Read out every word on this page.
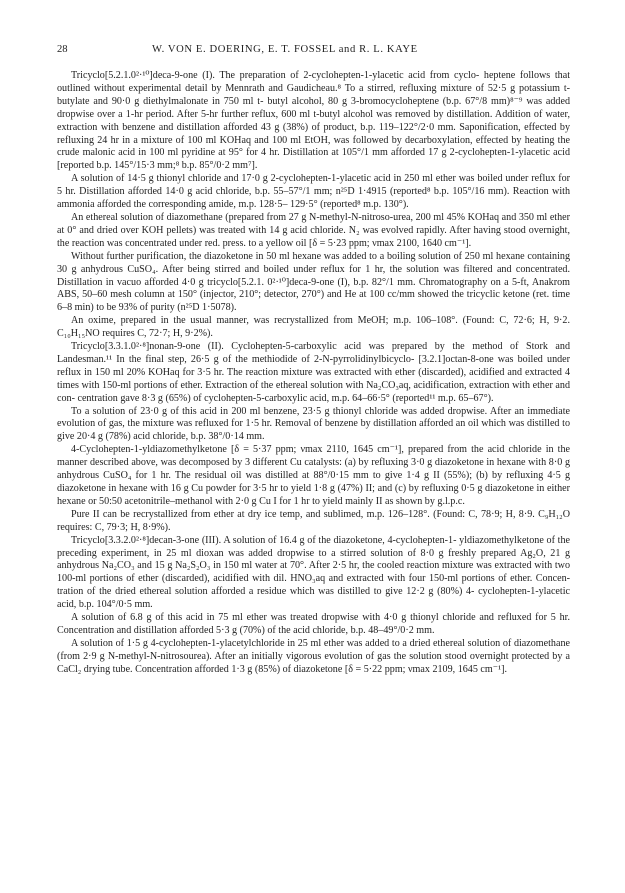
28	W. VON E. DOERING, E. T. FOSSEL and R. L. KAYE

Tricyclo[5.2.1.0²·¹⁰]deca-9-one (I). The preparation of 2-cyclohepten-1-ylacetic acid from cyclo- heptene follows that outlined without experimental detail by Mennrath and Gaudicheau.⁸ To a stirred, refluxing mixture of 52·5 g potassium t-butylate and 90·0 g diethylmalonate in 750 ml t- butyl alcohol, 80 g 3-bromocycloheptene (b.p. 67°/8 mm)⁸⁻⁹ was added dropwise over a 1-hr period. After 5-hr further reflux, 600 ml t-butyl alcohol was removed by distillation. Addition of water, extraction with benzene and distillation afforded 43 g (38%) of product, b.p. 119–122°/2·0 mm. Saponification, effected by refluxing 24 hr in a mixture of 100 ml KOHaq and 100 ml EtOH, was followed by decarboxylation, effected by heating the crude malonic acid in 100 ml pyridine at 95° for 4 hr. Distillation at 105°/1 mm afforded 17 g 2-cyclohepten-1-ylacetic acid [reported b.p. 145°/15·3 mm;⁸ b.p. 85°/0·2 mm⁷].

A solution of 14·5 g thionyl chloride and 17·0 g 2-cyclohepten-1-ylacetic acid in 250 ml ether was boiled under reflux for 5 hr. Distillation afforded 14·0 g acid chloride, b.p. 55–57°/1 mm; n²⁵D 1·4915 (reported⁸ b.p. 105°/16 mm). Reaction with ammonia afforded the corresponding amide, m.p. 128·5– 129·5° (reported⁸ m.p. 130°).

An ethereal solution of diazomethane (prepared from 27 g N-methyl-N-nitroso-urea, 200 ml 45% KOHaq and 350 ml ether at 0° and dried over KOH pellets) was treated with 14 g acid chloride. N₂ was evolved rapidly. After having stood overnight, the reaction was concentrated under red. press. to a yellow oil [δ = 5·23 ppm; νmax 2100, 1640 cm⁻¹].

Without further purification, the diazoketone in 50 ml hexane was added to a boiling solution of 250 ml hexane containing 30 g anhydrous CuSO₄. After being stirred and boiled under reflux for 1 hr, the solution was filtered and concentrated. Distillation in vacuo afforded 4·0 g tricyclo[5.2.1. 0²·¹⁰]deca-9-one (I), b.p. 82°/1 mm. Chromatography on a 5-ft, Anakrom ABS, 50–60 mesh column at 150° (injector, 210°; detector, 270°) and He at 100 cc/mm showed the tricyclic ketone (ret. time 6–8 min) to be 93% of purity (n²⁵D 1·5078).

An oxime, prepared in the usual manner, was recrystallized from MeOH; m.p. 106–108°. (Found: C, 72·6; H, 9·2. C₁₀H₁₅NO requires C, 72·7; H, 9·2%).

Tricyclo[3.3.1.0²·⁸]nonan-9-one (II). Cyclohepten-5-carboxylic acid was prepared by the method of Stork and Landesman.¹¹ In the final step, 26·5 g of the methiodide of 2-N-pyrrolidinylbicyclo- [3.2.1]octan-8-one was boiled under reflux in 150 ml 20% KOHaq for 3·5 hr. The reaction mixture was extracted with ether (discarded), acidified and extracted 4 times with 150-ml portions of ether. Extraction of the ethereal solution with Na₂CO₃aq, acidification, extraction with ether and con- centration gave 8·3 g (65%) of cyclohepten-5-carboxylic acid, m.p. 64–66·5° (reported¹¹ m.p. 65–67°).

To a solution of 23·0 g of this acid in 200 ml benzene, 23·5 g thionyl chloride was added dropwise. After an immediate evolution of gas, the mixture was refluxed for 1·5 hr. Removal of benzene by distillation afforded an oil which was distilled to give 20·4 g (78%) acid chloride, b.p. 38°/0·14 mm.

4-Cyclohepten-1-yldiazomethylketone [δ = 5·37 ppm; νmax 2110, 1645 cm⁻¹], prepared from the acid chloride in the manner described above, was decomposed by 3 different Cu catalysts: (a) by refluxing 3·0 g diazoketone in hexane with 8·0 g anhydrous CuSO₄ for 1 hr. The residual oil was distilled at 88°/0·15 mm to give 1·4 g II (55%); (b) by refluxing 4·5 g diazoketone in hexane with 16 g Cu powder for 3·5 hr to yield 1·8 g (47%) II; and (c) by refluxing 0·5 g diazoketone in either hexane or 50:50 acetonitrile–methanol with 2·0 g Cu I for 1 hr to yield mainly II as shown by g.l.p.c.

Pure II can be recrystallized from ether at dry ice temp, and sublimed, m.p. 126–128°. (Found: C, 78·9; H, 8·9. C₉H₁₂O requires: C, 79·3; H, 8·9%).

Tricyclo[3.3.2.0²·⁸]decan-3-one (III). A solution of 16.4 g of the diazoketone, 4-cyclohepten-1- yldiazomethylketone of the preceding experiment, in 25 ml dioxan was added dropwise to a stirred solution of 8·0 g freshly prepared Ag₂O, 21 g anhydrous Na₂CO₃ and 15 g Na₂S₂O₃ in 150 ml water at 70°. After 2·5 hr, the cooled reaction mixture was extracted with two 100-ml portions of ether (discarded), acidified with dil. HNO₃aq and extracted with four 150-ml portions of ether. Concen- tration of the dried ethereal solution afforded a residue which was distilled to give 12·2 g (80%) 4- cyclohepten-1-ylacetic acid, b.p. 104°/0·5 mm.

A solution of 6.8 g of this acid in 75 ml ether was treated dropwise with 4·0 g thionyl chloride and refluxed for 5 hr. Concentration and distillation afforded 5·3 g (70%) of the acid chloride, b.p. 48–49°/0·2 mm.

A solution of 1·5 g 4-cyclohepten-1-ylacetylchloride in 25 ml ether was added to a dried ethereal solution of diazomethane (from 2·9 g N-methyl-N-nitrosourea). After an initially vigorous evolution of gas the solution stood overnight protected by a CaCl₂ drying tube. Concentration afforded 1·3 g (85%) of diazoketone [δ = 5·22 ppm; νmax 2109, 1645 cm⁻¹].
